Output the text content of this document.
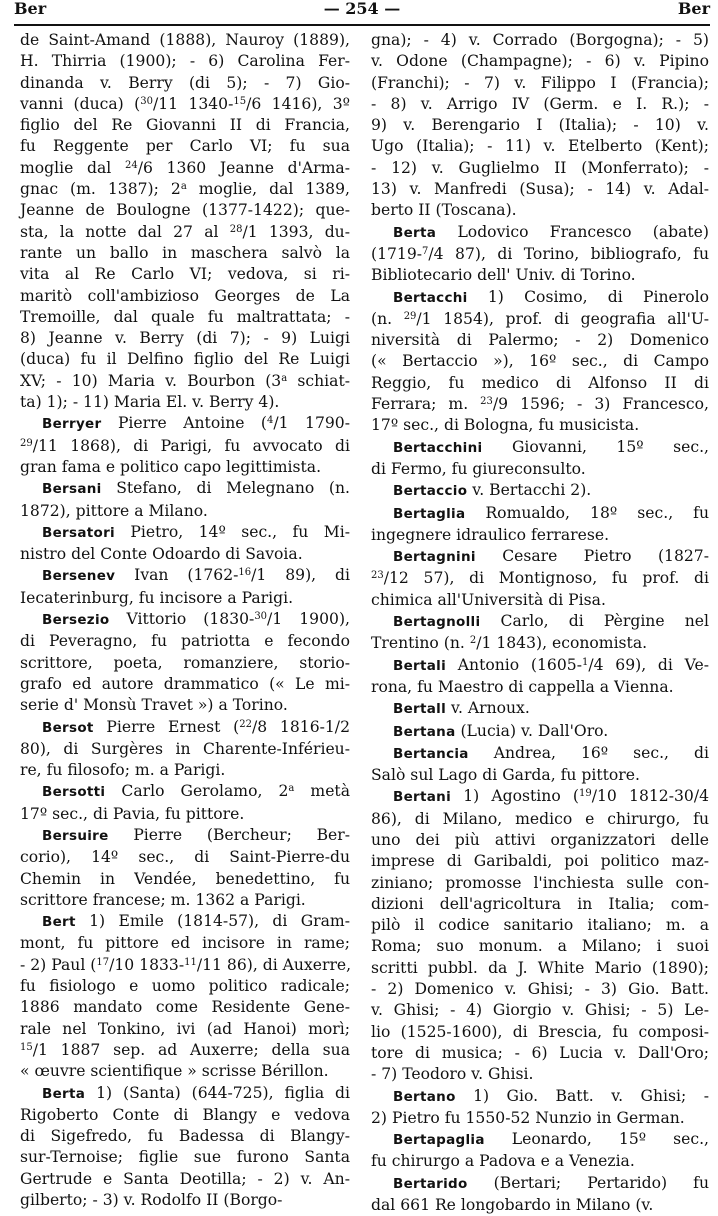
Ber	— 254 —	Ber
de Saint-Amand (1888), Nauroy (1889),
H. Thirria (1900); - 6) Carolina Fer-
dinanda v. Berry (di 5); - 7) Gio-
vanni (duca) ($^{30}$/11 1340-$^{15}$/6 1416), 3º
figlio del Re Giovanni II di Francia,
fu Reggente per Carlo VI; fu sua
moglie dal $^{24}$/6 1360 Jeanne d'Arma-
gnac (m. 1387); 2$^a$ moglie, dal 1389,
Jeanne de Boulogne (1377-1422); que-
sta, la notte dal 27 al $^{28}$/1 1393, du-
rante un ballo in maschera salvò la
vita al Re Carlo VI; vedova, si ri-
maritò coll'ambizioso Georges de La
Tremoille, dal quale fu maltrattata; -
8) Jeanne v. Berry (di 7); - 9) Luigi
(duca) fu il Delfino figlio del Re Luigi
XV; - 10) Maria v. Bourbon (3$^a$ schiat-
ta) 1); - 11) Maria El. v. Berry 4).
Berryer Pierre Antoine ($^4$/1 1790-
$^{29}$/11 1868), di Parigi, fu avvocato di
gran fama e politico capo legittimista.
Bersani Stefano, di Melegnano (n.
1872), pittore a Milano.
Bersatori Pietro, 14º sec., fu Mi-
nistro del Conte Odoardo di Savoia.
Bersenev Ivan (1762-$^{16}$/1 89), di
Iecaterinburg, fu incisore a Parigi.
Bersezio Vittorio (1830-$^{30}$/1 1900),
di Peveragno, fu patriotta e fecondo
scrittore, poeta, romanziere, storio-
grafo ed autore drammatico (« Le mi-
serie d' Monsù Travet ») a Torino.
Bersot Pierre Ernest ($^{22}$/8 1816-1/2
80), di Surgères in Charente-Inférieu-
re, fu filosofo; m. a Parigi.
Bersotti Carlo Gerolamo, 2$^a$ metà
17º sec., di Pavia, fu pittore.
Bersuire Pierre (Bercheur; Ber-
corio), 14º sec., di Saint-Pierre-du
Chemin in Vendée, benedettino, fu
scrittore francese; m. 1362 a Parigi.
Bert 1) Emile (1814-57), di Gram-
mont, fu pittore ed incisore in rame;
- 2) Paul ($^{17}$/10 1833-$^{11}$/11 86), di Auxerre,
fu fisiologo e uomo politico radicale;
1886 mandato come Residente Gene-
rale nel Tonkino, ivi (ad Hanoi) morì;
$^{15}$/1 1887 sep. ad Auxerre; della sua
« œuvre scientifique » scrisse Bérillon.
Berta 1) (Santa) (644-725), figlia di
Rigoberto Conte di Blangy e vedova
di Sigefredo, fu Badessa di Blangy-
sur-Ternoise; figlie sue furono Santa
Gertrude e Santa Deotilla; - 2) v. An-
gilberto; - 3) v. Rodolfo II (Borgo-
gna); - 4) v. Corrado (Borgogna); - 5)
v. Odone (Champagne); - 6) v. Pipino
(Franchi); - 7) v. Filippo I (Francia);
- 8) v. Arrigo IV (Germ. e I. R.); -
9) v. Berengario I (Italia); - 10) v.
Ugo (Italia); - 11) v. Etelberto (Kent);
- 12) v. Guglielmo II (Monferrato); -
13) v. Manfredi (Susa); - 14) v. Adal-
berto II (Toscana).
Berta Lodovico Francesco (abate)
(1719-$^7$/4 87), di Torino, bibliografo, fu
Bibliotecario dell' Univ. di Torino.
Bertacchi 1) Cosimo, di Pinerolo
(n. $^{29}$/1 1854), prof. di geografia all'U-
niversità di Palermo; - 2) Domenico
(« Bertaccio »), 16º sec., di Campo
Reggio, fu medico di Alfonso II di
Ferrara; m. $^{23}$/9 1596; - 3) Francesco,
17º sec., di Bologna, fu musicista.
Bertacchini Giovanni, 15º sec.,
di Fermo, fu giureconsulto.
Bertaccio v. Bertacchi 2).
Bertaglia Romualdo, 18º sec., fu
ingegnere idraulico ferrarese.
Bertagnini Cesare Pietro (1827-
$^{23}$/12 57), di Montignoso, fu prof. di
chimica all'Università di Pisa.
Bertagnolli Carlo, di Pèrgine nel
Trentino (n. $^2$/1 1843), economista.
Bertali Antonio (1605-$^1$/4 69), di Ve-
rona, fu Maestro di cappella a Vienna.
Bertall v. Arnoux.
Bertana (Lucia) v. Dall'Oro.
Bertancia Andrea, 16º sec., di
Salò sul Lago di Garda, fu pittore.
Bertani 1) Agostino ($^{19}$/10 1812-30/4
86), di Milano, medico e chirurgo, fu
uno dei più attivi organizzatori delle
imprese di Garibaldi, poi politico maz-
ziniano; promosse l'inchiesta sulle con-
dizioni dell'agricoltura in Italia; com-
pilò il codice sanitario italiano; m. a
Roma; suo monum. a Milano; i suoi
scritti pubbl. da J. White Mario (1890);
- 2) Domenico v. Ghisi; - 3) Gio. Batt.
v. Ghisi; - 4) Giorgio v. Ghisi; - 5) Le-
lio (1525-1600), di Brescia, fu composi-
tore di musica; - 6) Lucia v. Dall'Oro;
- 7) Teodoro v. Ghisi.
Bertano 1) Gio. Batt. v. Ghisi; -
2) Pietro fu 1550-52 Nunzio in German.
Bertapaglia Leonardo, 15º sec.,
fu chirurgo a Padova e a Venezia.
Bertarido (Bertari; Pertarido) fu
dal 661 Re longobardo in Milano (v.
